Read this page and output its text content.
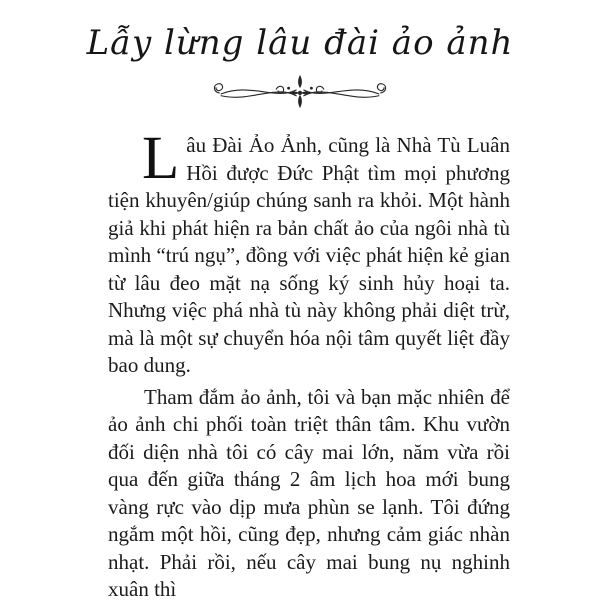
Lẫy lừng lâu đài ảo ảnh

Lâu Đài Ảo Ảnh, cũng là Nhà Tù Luân Hồi được Đức Phật tìm mọi phương tiện khuyên/giúp chúng sanh ra khỏi. Một hành giả khi phát hiện ra bản chất ảo của ngôi nhà tù mình “trú ngụ”, đồng với việc phát hiện kẻ gian từ lâu đeo mặt nạ sống ký sinh hủy hoại ta. Nhưng việc phá nhà tù này không phải diệt trừ, mà là một sự chuyển hóa nội tâm quyết liệt đầy bao dung.

Tham đắm ảo ảnh, tôi và bạn mặc nhiên để ảo ảnh chi phối toàn triệt thân tâm. Khu vườn đối diện nhà tôi có cây mai lớn, năm vừa rồi qua đến giữa tháng 2 âm lịch hoa mới bung vàng rực vào dịp mưa phùn se lạnh. Tôi đứng ngắm một hồi, cũng đẹp, nhưng cảm giác nhàn nhạt. Phải rồi, nếu cây mai bung nụ nghinh xuân thì
